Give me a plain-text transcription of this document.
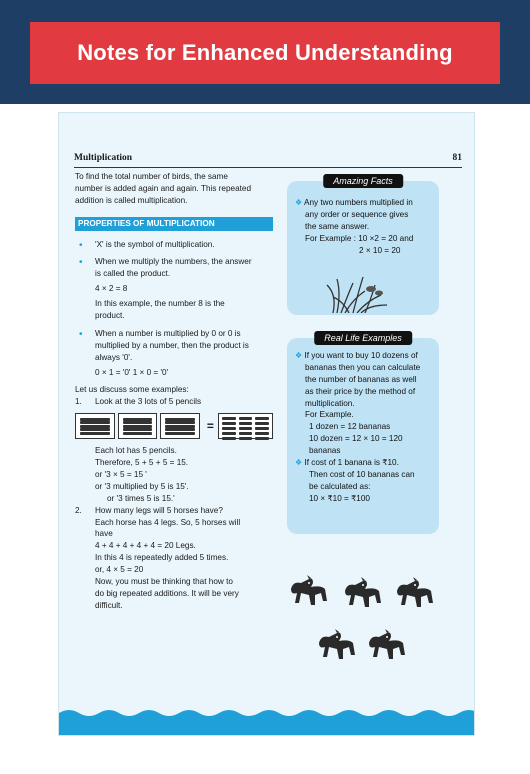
Notes for Enhanced Understanding
Multiplication	81

To find the total number of birds, the same

number is added again and again. This repeated

addition is called multiplication.

PROPERTIES OF MULTIPLICATION

• 'X' is the symbol of multiplication.

• When we multiply the numbers, the answer

is called the product.

4 × 2 = 8

In this example, the number 8 is the

product.

• When a number is multiplied by 0 or 0 is

multiplied by a number, then the product is

always '0'.

0 × 1 = '0' 1 × 0 = '0'

Let us discuss some examples:

1. Look at the 3 lots of 5 pencils

=

Each lot has 5 pencils.

Therefore, 5 + 5 + 5 = 15.

or '3 × 5 = 15 '

or '3 multiplied by 5 is 15'.

or '3 times 5 is 15.'

2. How many legs will 5 horses have?

Each horse has 4 legs. So, 5 horses will

have

4 + 4 + 4 + 4 + 4 = 20 Legs.

In this 4 is repeatedly added 5 times.

or, 4 × 5 = 20

Now, you must be thinking that how to

do big repeated additions. It will be very

difficult.

Amazing Facts

❖ Any two numbers multiplied in

any order or sequence gives

the same answer.

For Example : 10 ×2 = 20 and

2 × 10 = 20

Real Life Examples

❖ If you want to buy 10 dozens of

bananas then you can calculate

the number of bananas as well

as their price by the method of

multiplication.

For Example.

1 dozen = 12 bananas

10 dozen = 12 × 10 = 120 bananas

❖ If cost of 1 banana is ₹10.

Then cost of 10 bananas can

be calculated as:

10 × ₹10 = ₹100
